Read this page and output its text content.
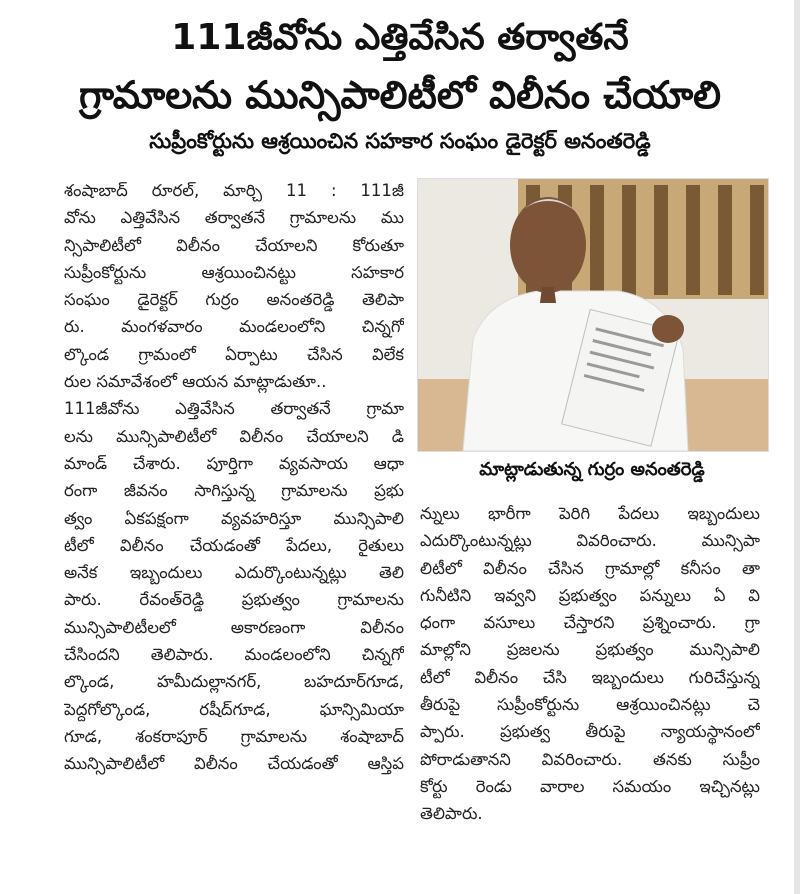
111జీవోను ఎత్తివేసిన తర్వాతనే
గ్రామాలను మున్సిపాలిటీలో విలీనం చేయాలి
సుప్రీంకోర్టును ఆశ్రయించిన సహకార సంఘం డైరెక్టర్ అనంతరెడ్డి
శంషాబాద్ రూరల్, మార్చి 11 : 111జీ
వోను ఎత్తివేసిన తర్వాతనే గ్రామాలను ము
న్సిపాలిటీలో విలీనం చేయాలని కోరుతూ
సుప్రీంకోర్టును ఆశ్రయించినట్టు సహకార
సంఘం డైరెక్టర్ గుర్రం అనంతరెడ్డి తెలిపా
రు. మంగళవారం మండలంలోని చిన్నగో
ల్కొండ గ్రామంలో ఏర్పాటు చేసిన విలేక
రుల సమావేశంలో ఆయన మాట్లాడుతూ..
111జీవోను ఎత్తివేసిన తర్వాతనే గ్రామా
లను మున్సిపాలిటీలో విలీనం చేయాలని డి
మాండ్ చేశారు. పూర్తిగా వ్యవసాయ ఆధా
రంగా జీవనం సాగిస్తున్న గ్రామాలను ప్రభు
త్వం ఏకపక్షంగా వ్యవహరిస్తూ మున్సిపాలి
టీలో విలీనం చేయడంతో పేదలు, రైతులు
అనేక ఇబ్బందులు ఎదుర్కొంటున్నట్లు తెలి
పారు. రేవంత్‌రెడ్డి ప్రభుత్వం గ్రామాలను
మున్సిపాలిటీలలో అకారణంగా విలీనం
చేసిందని తెలిపారు. మండలంలోని చిన్నగో
ల్కొండ, హమీదుల్లానగర్, బహదూర్‌గూడ,
పెద్దగోల్కొండ, రషీద్‌గూడ, ఘాన్సిమియా
గూడ, శంకరాపూర్ గ్రామాలను శంషాబాద్
మున్సిపాలిటీలో విలీనం చేయడంతో ఆస్తిప
మాట్లాడుతున్న గుర్రం అనంతరెడ్డి
న్నులు భారీగా పెరిగి పేదలు ఇబ్బందులు
ఎదుర్కొంటున్నట్లు వివరించారు. మున్సిపా
లిటీలో విలీనం చేసిన గ్రామాల్లో కనీసం తా
గునీటిని ఇవ్వని ప్రభుత్వం పన్నులు ఏ వి
ధంగా వసూలు చేస్తారని ప్రశ్నించారు. గ్రా
మాల్లోని ప్రజలను ప్రభుత్వం మున్సిపాలి
టీలో విలీనం చేసి ఇబ్బందులు గురిచేస్తున్న
తీరుపై సుప్రీంకోర్టును ఆశ్రయించినట్లు చె
ప్పారు. ప్రభుత్వ తీరుపై న్యాయస్థానంలో
పోరాడుతానని వివరించారు. తనకు సుప్రీం
కోర్టు రెండు వారాల సమయం ఇచ్చినట్లు
తెలిపారు.
